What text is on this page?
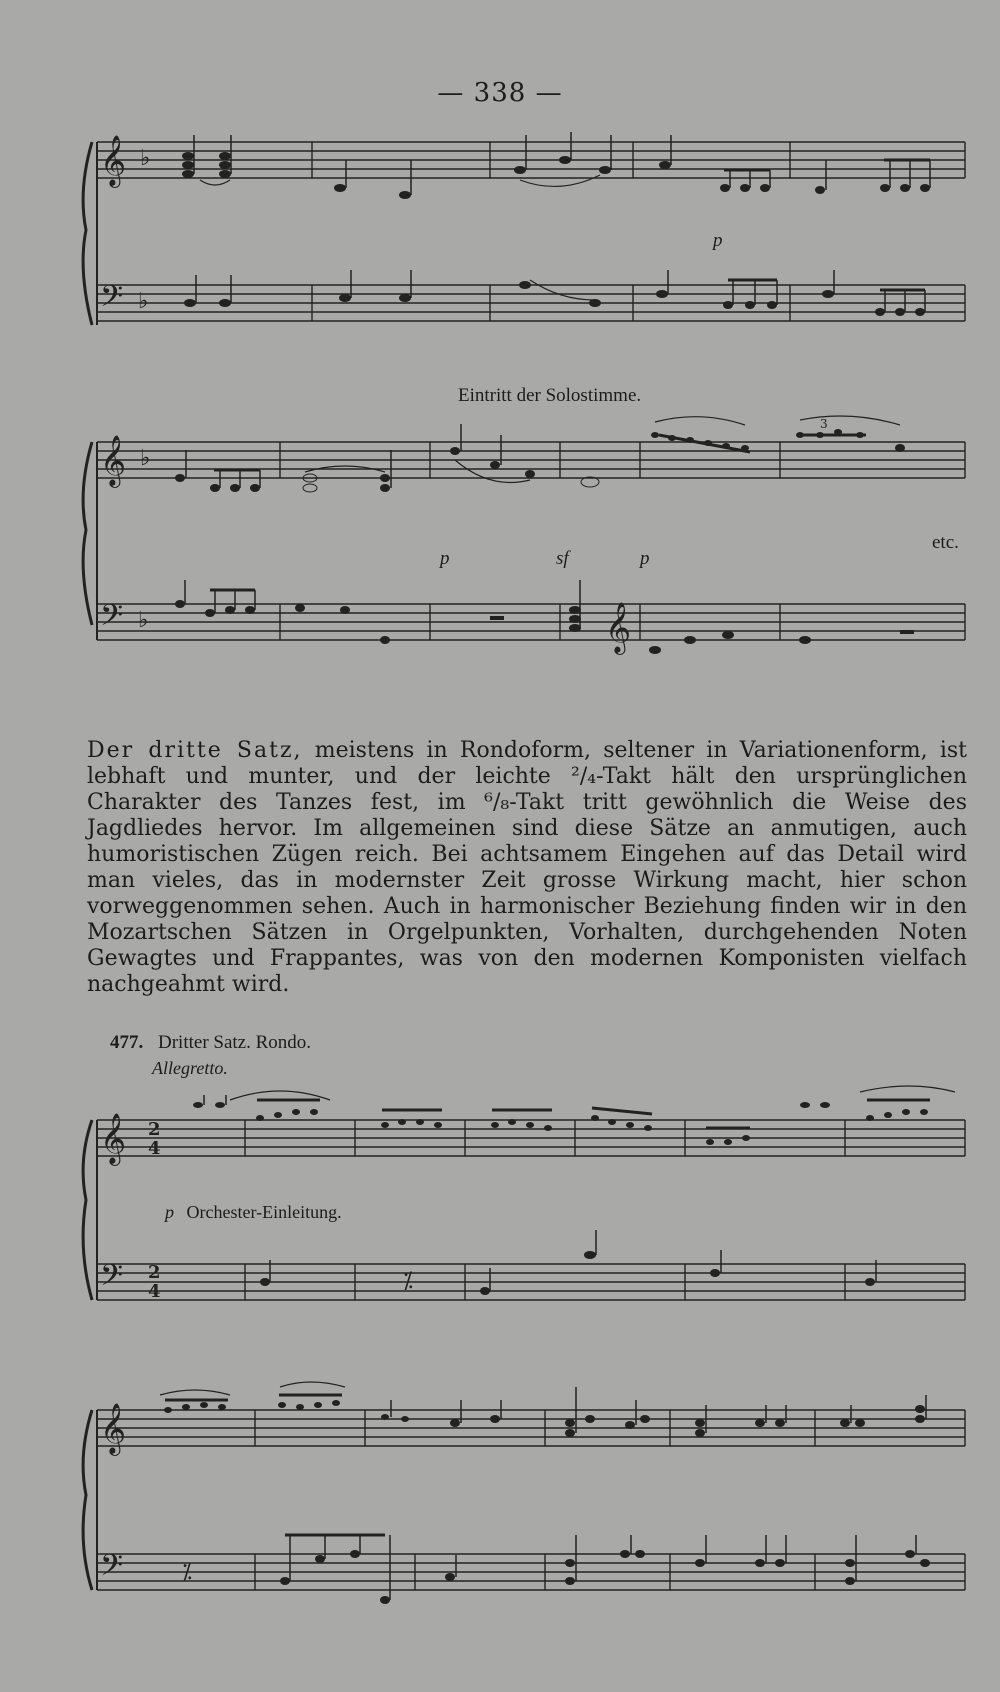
— 338 —
𝄞 ♭
𝄢 ♭
p
Eintritt der Solostimme.
𝄞 ♭
𝄢 ♭	𝄞
3
p	sf	p
etc.
Der dritte Satz, meistens in Rondoform, seltener in Variationenform, ist lebhaft und munter, und der leichte ²/₄-Takt hält den ursprünglichen Charakter des Tanzes fest, im ⁶/₈-Takt tritt gewöhnlich die Weise des Jagdliedes hervor. Im allgemeinen sind diese Sätze an anmutigen, auch humoristischen Zügen reich. Bei achtsamem Eingehen auf das Detail wird man vieles, das in modernster Zeit grosse Wirkung macht, hier schon vorweggenommen sehen. Auch in harmonischer Beziehung finden wir in den Mozartschen Sätzen in Orgelpunkten, Vorhalten, durchgehenden Noten Gewagtes und Frappantes, was von den modernen Komponisten vielfach nachgeahmt wird.
477. Dritter Satz. Rondo.
Allegretto.
𝄞 2
4
𝄢 2
4	⁒
p Orchester-Einleitung.
𝄞
𝄢	⁒
